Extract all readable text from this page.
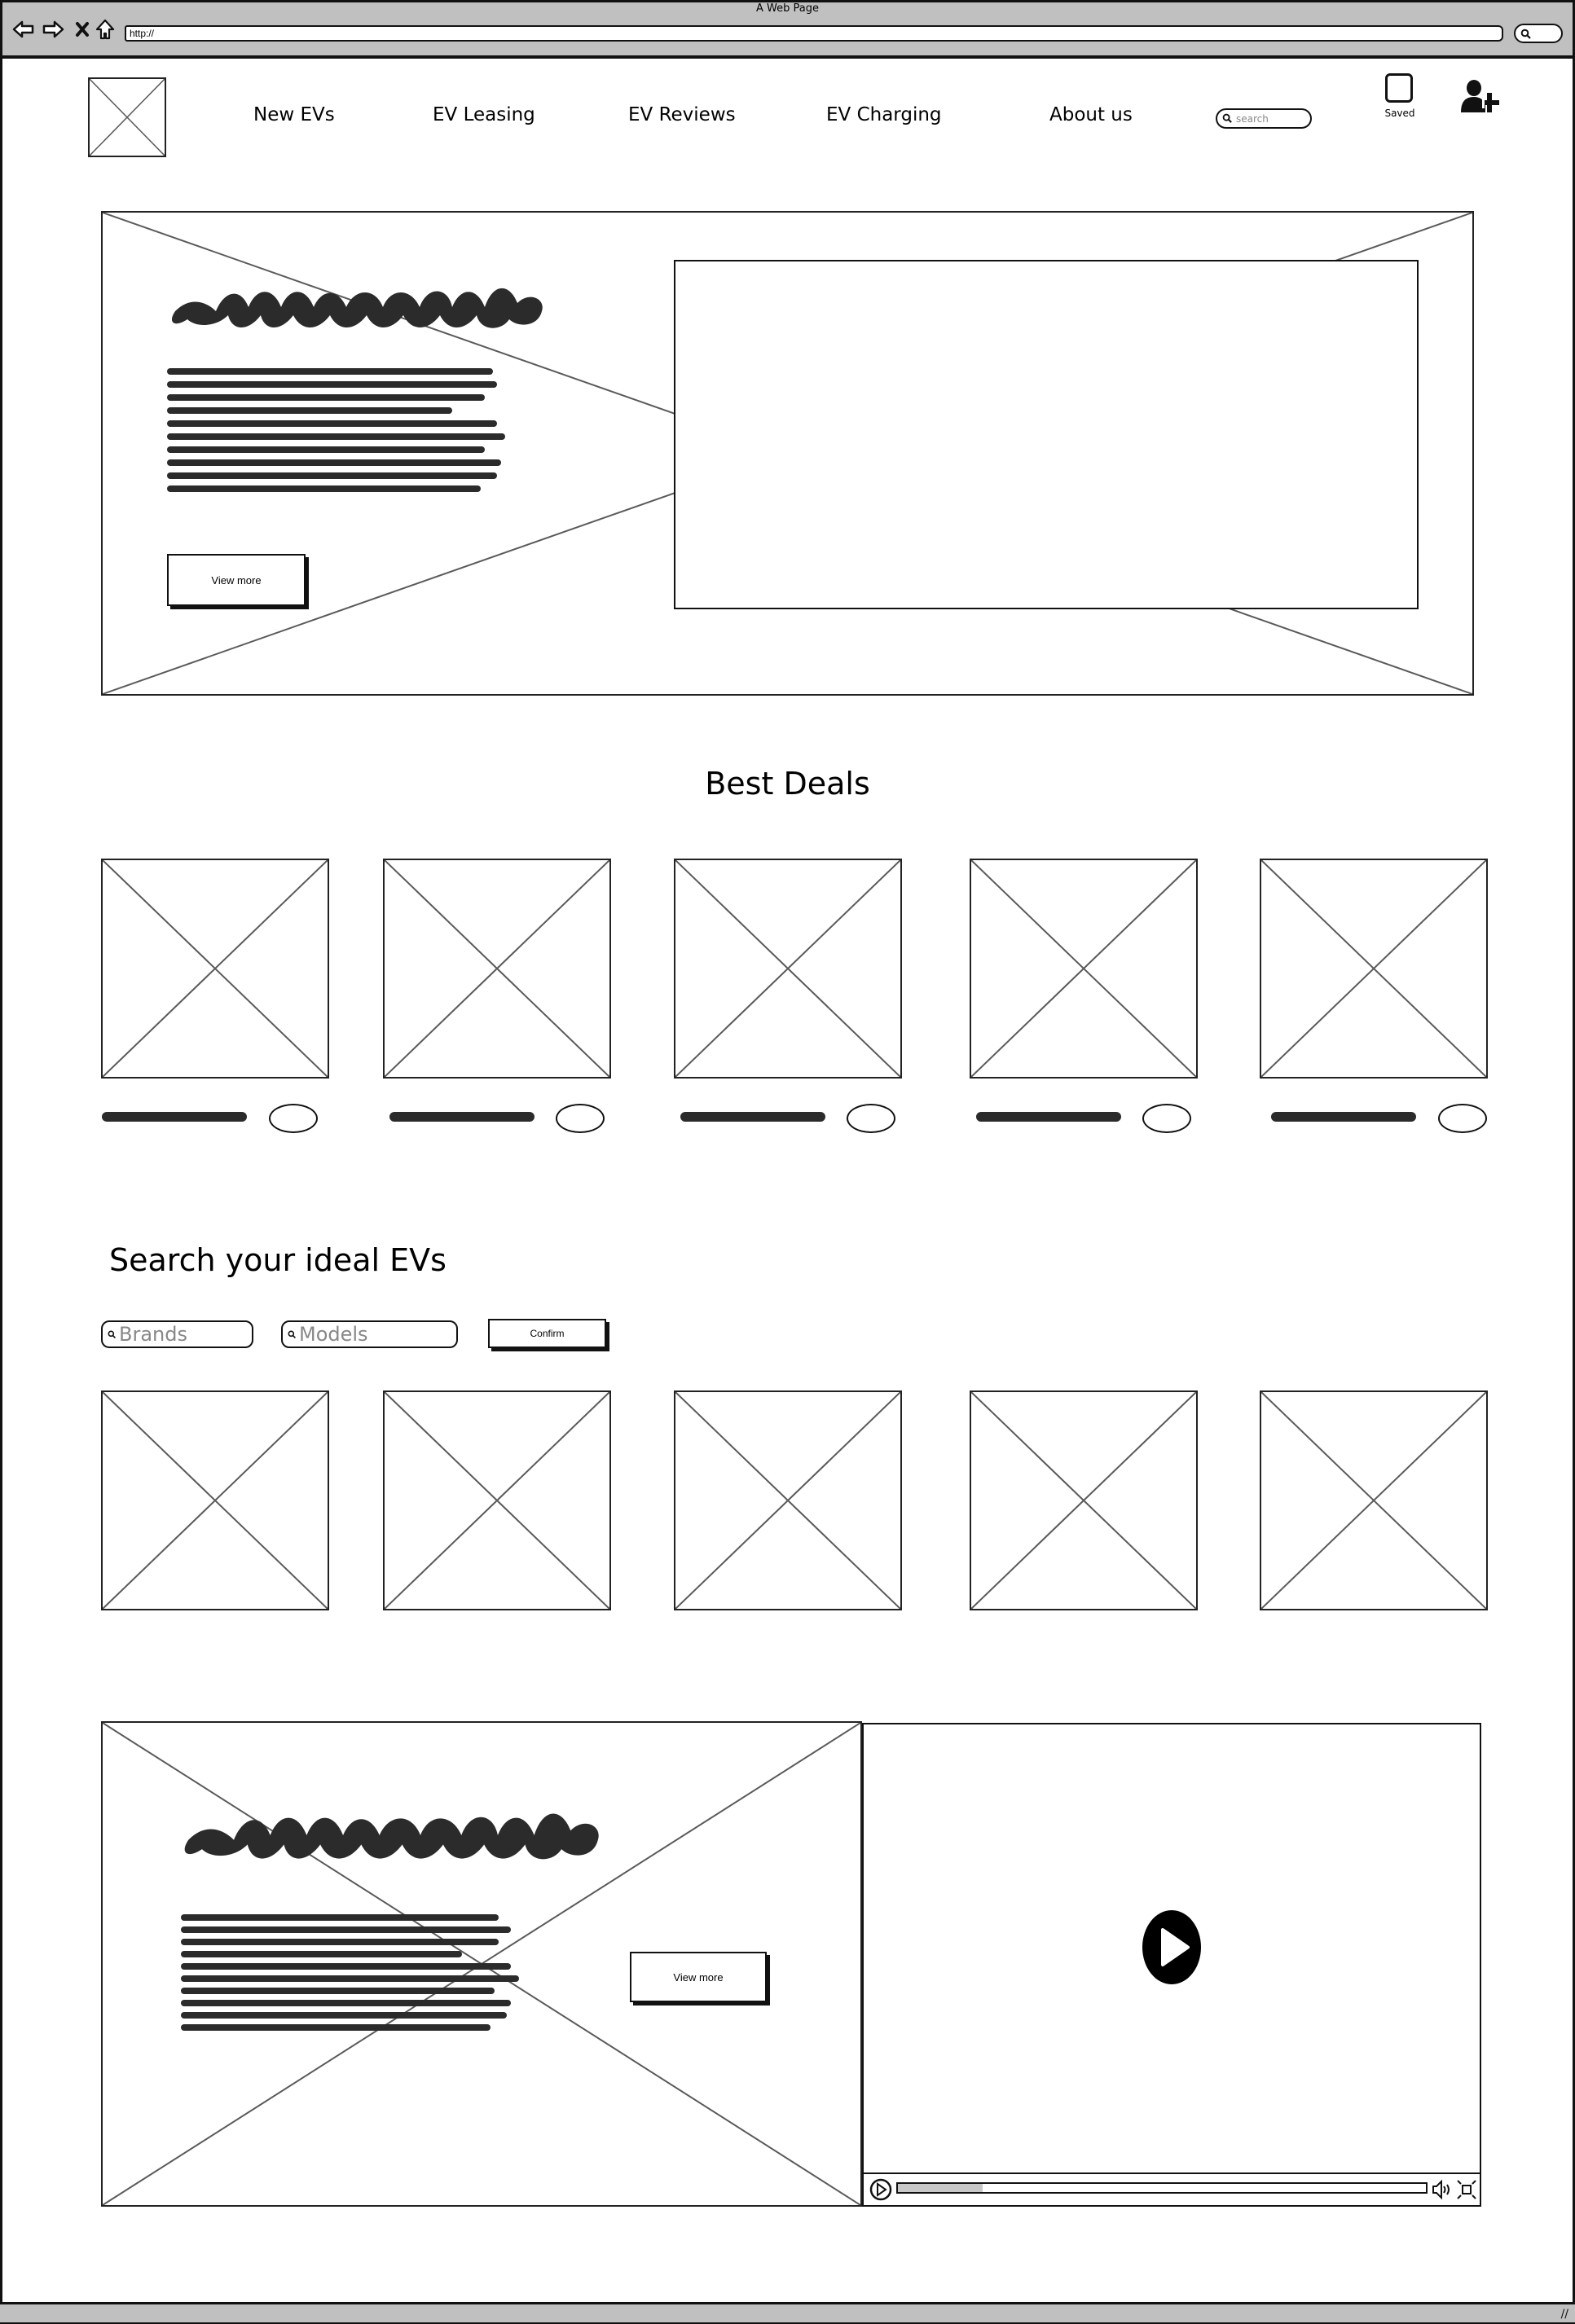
A Web Page
http://
New EVs	EV Leasing	EV Reviews	EV Charging	About us	search	Saved
View more
Best Deals
Search your ideal EVs
Brands	Models	Confirm
View more
//
